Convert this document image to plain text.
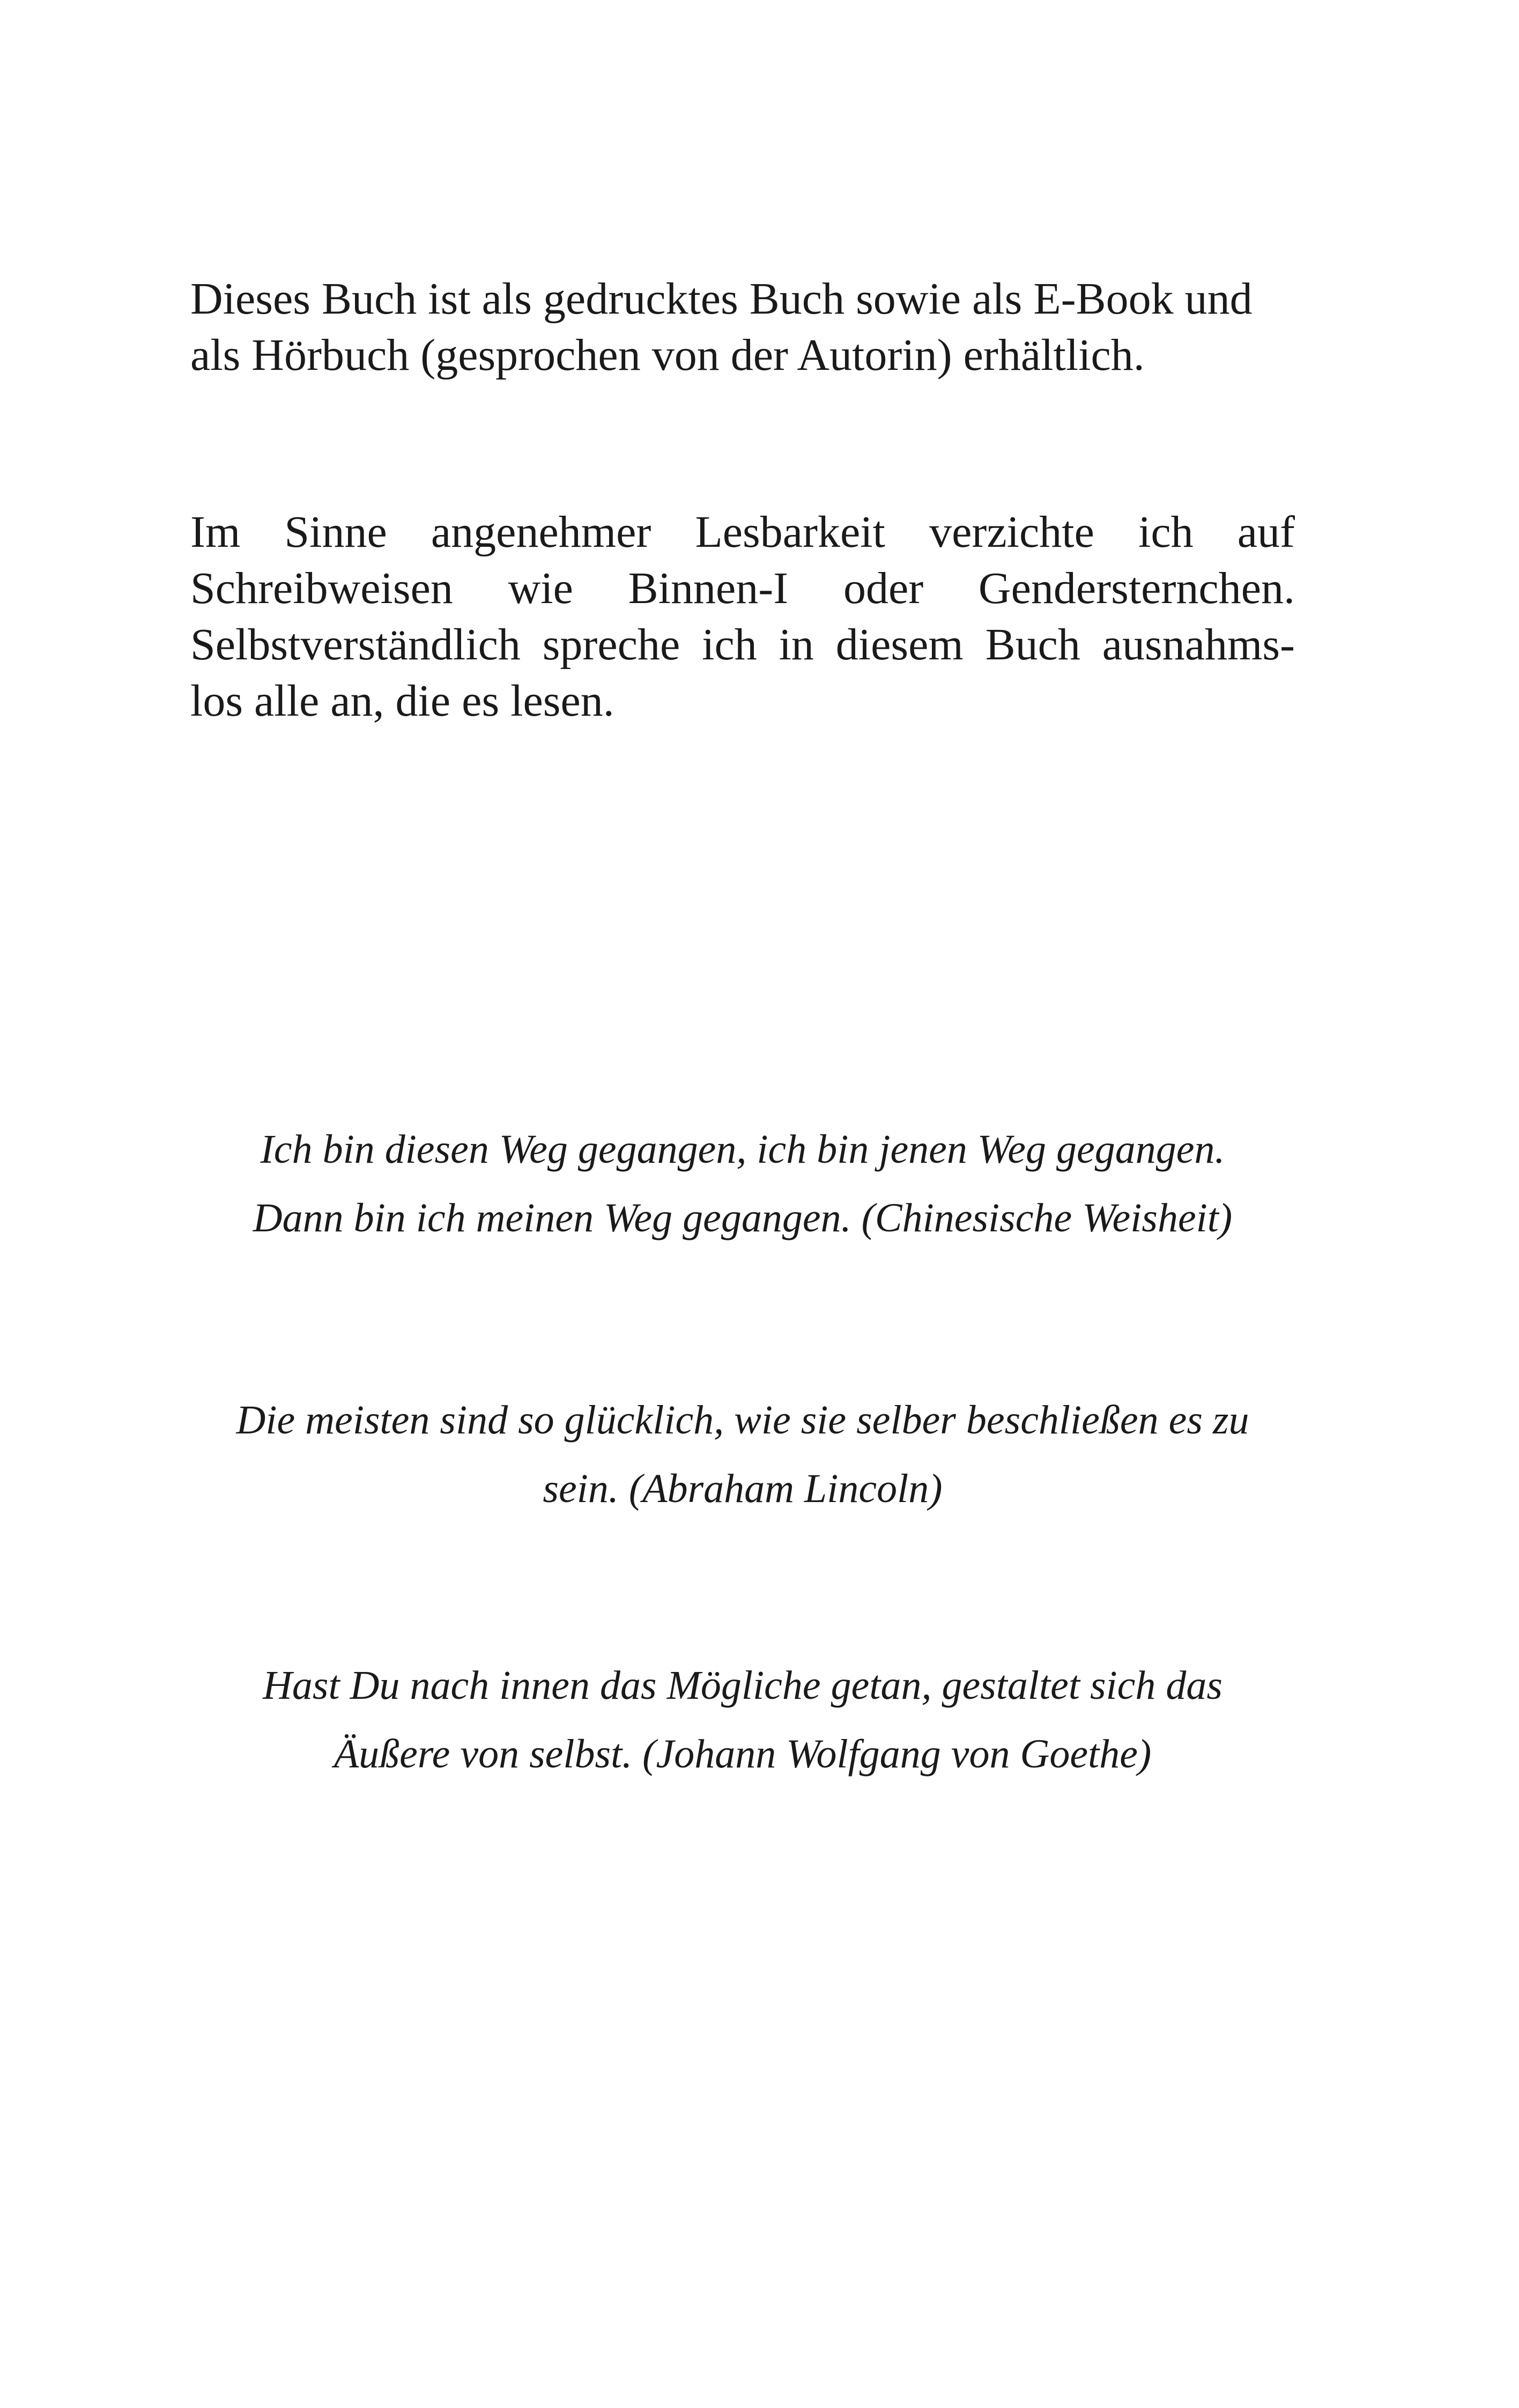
Dieses Buch ist als gedrucktes Buch sowie als E-Book und
als Hörbuch (gesprochen von der Autorin) erhältlich.

Im Sinne angenehmer Lesbarkeit verzichte ich auf
Schreibweisen wie Binnen-I oder Gendersternchen.
Selbstverständlich spreche ich in diesem Buch ausnahms-
los alle an, die es lesen.

Ich bin diesen Weg gegangen, ich bin jenen Weg gegangen.
Dann bin ich meinen Weg gegangen. (Chinesische Weisheit)

Die meisten sind so glücklich, wie sie selber beschließen es zu
sein. (Abraham Lincoln)

Hast Du nach innen das Mögliche getan, gestaltet sich das
Äußere von selbst. (Johann Wolfgang von Goethe)
